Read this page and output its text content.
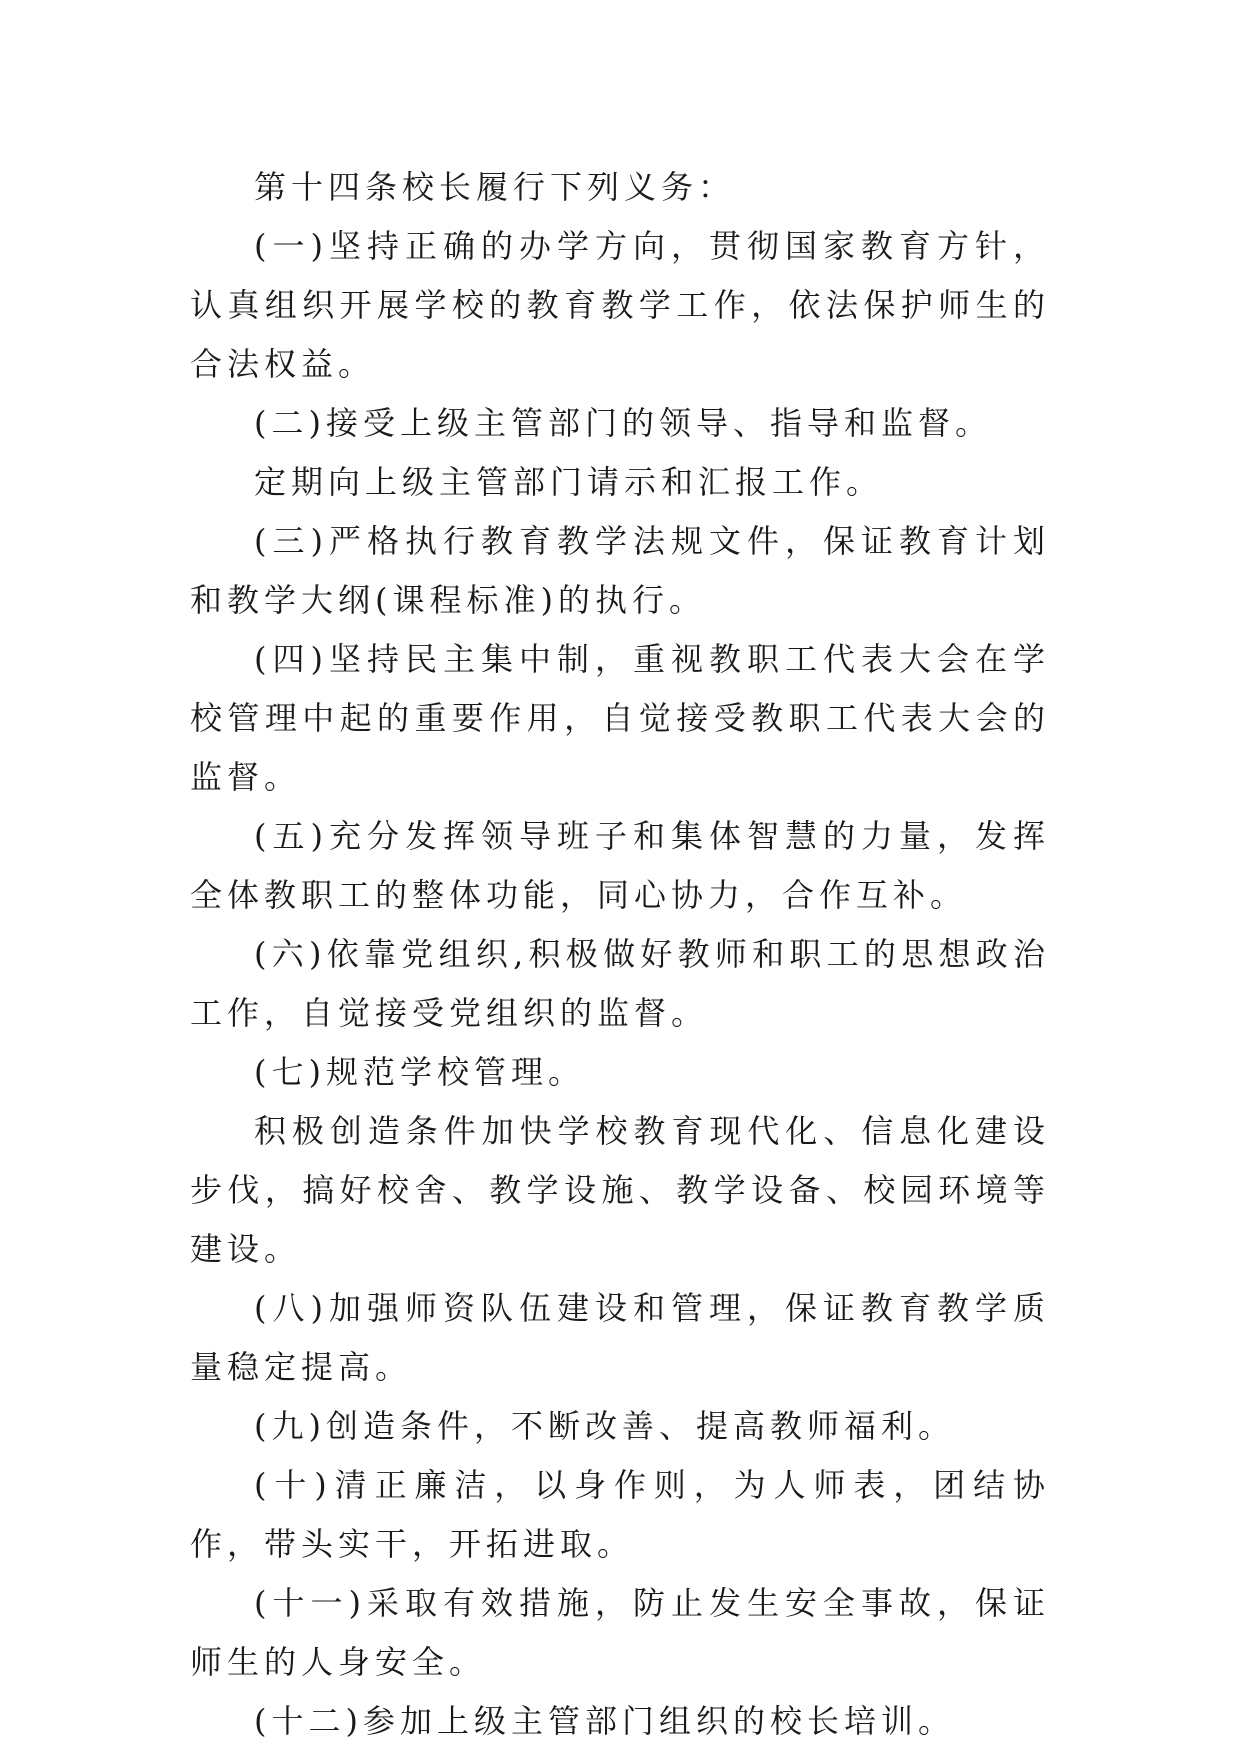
第十四条校长履行下列义务：

(一)坚持正确的办学方向，贯彻国家教育方针，认真组织开展学校的教育教学工作，依法保护师生的合法权益。

(二)接受上级主管部门的领导、指导和监督。

定期向上级主管部门请示和汇报工作。

(三)严格执行教育教学法规文件，保证教育计划和教学大纲(课程标准)的执行。

(四)坚持民主集中制，重视教职工代表大会在学校管理中起的重要作用，自觉接受教职工代表大会的监督。

(五)充分发挥领导班子和集体智慧的力量，发挥全体教职工的整体功能，同心协力，合作互补。

(六)依靠党组织,积极做好教师和职工的思想政治工作，自觉接受党组织的监督。

(七)规范学校管理。

积极创造条件加快学校教育现代化、信息化建设步伐，搞好校舍、教学设施、教学设备、校园环境等建设。

(八)加强师资队伍建设和管理，保证教育教学质量稳定提高。

(九)创造条件，不断改善、提高教师福利。

(十)清正廉洁，以身作则，为人师表，团结协作，带头实干，开拓进取。

(十一)采取有效措施，防止发生安全事故，保证师生的人身安全。

(十二)参加上级主管部门组织的校长培训。
